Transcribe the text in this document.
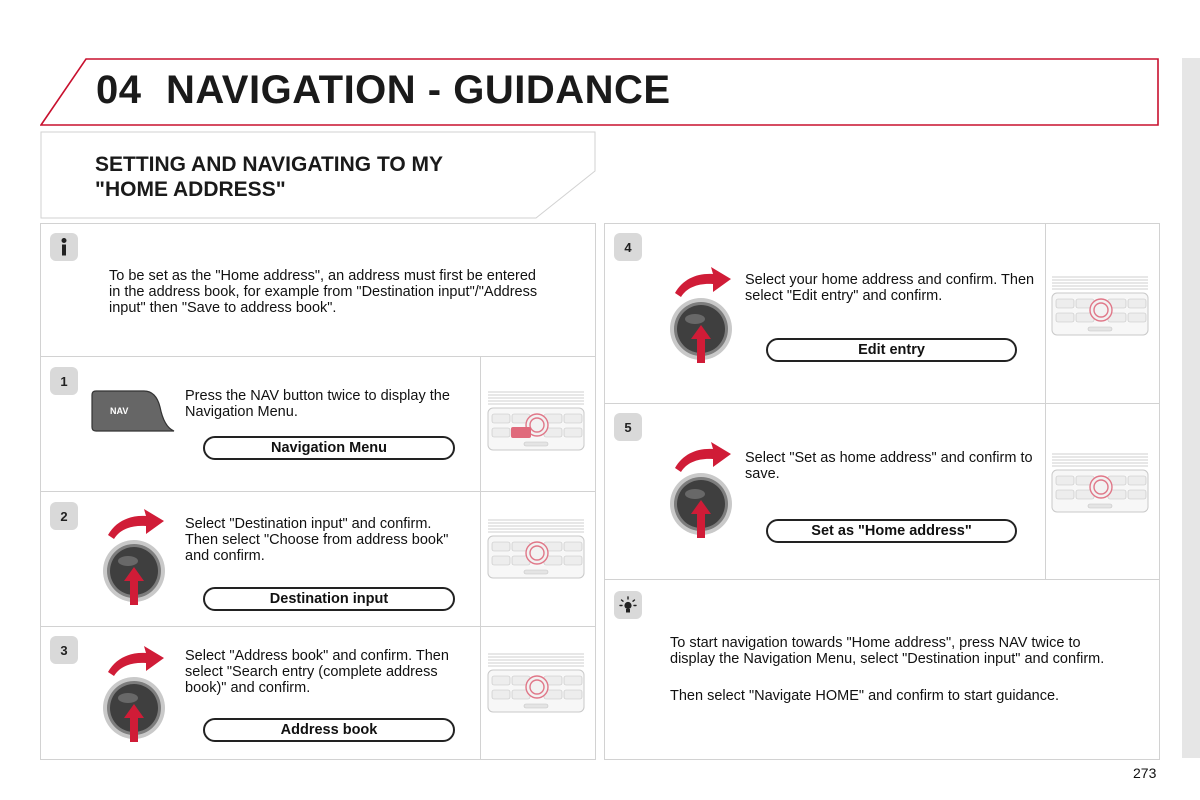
04 NAVIGATION - GUIDANCE
SETTING AND NAVIGATING TO MY
"HOME ADDRESS"
To be set as the "Home address", an address must first be entered in the address book, for example from "Destination input"/"Address input" then "Save to address book".
1
NAV
Press the NAV button twice to display the Navigation Menu.
Navigation Menu
2	Select "Destination input" and confirm. Then select "Choose from address book" and confirm.
Destination input
3	Select "Address book" and confirm. Then select "Search entry (complete address book)" and confirm.
Address book
4
Select your home address and confirm. Then select "Edit entry" and confirm.
Edit entry
5
Select "Set as home address" and confirm to save.
Set as "Home address"
To start navigation towards "Home address", press NAV twice to display the Navigation Menu, select "Destination input" and confirm.
Then select "Navigate HOME" and confirm to start guidance.
273
